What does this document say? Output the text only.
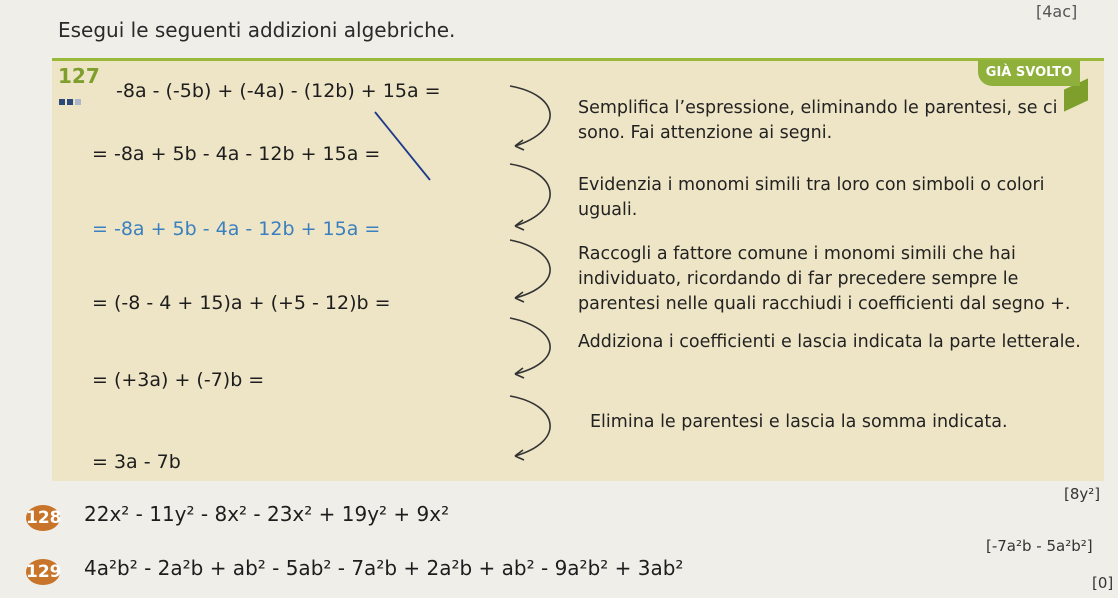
Esegui le seguenti addizioni algebriche.
[4ac]
GIÀ SVOLTO
127
-8a - (-5b) + (-4a) - (12b) + 15a =
= -8a + 5b - 4a - 12b + 15a =
= -8a + 5b - 4a - 12b + 15a =
= (-8 - 4 + 15)a + (+5 - 12)b =
= (+3a) + (-7)b =
= 3a - 7b
Semplifica l’espressione, eliminando le parentesi, se ci sono. Fai attenzione ai segni.
Evidenzia i monomi simili tra loro con simboli o colori uguali.
Raccogli a fattore comune i monomi simili che hai individuato, ricordando di far precedere sempre le parentesi nelle quali racchiudi i coefficienti dal segno +.
Addiziona i coefficienti e lascia indicata la parte letterale.
Elimina le parentesi e lascia la somma indicata.
128 22x² - 11y² - 8x² - 23x² + 19y² + 9x²
[8y²]
129 4a²b² - 2a²b + ab² - 5ab² - 7a²b + 2a²b + ab² - 9a²b² + 3ab²
[-7a²b - 5a²b²]
[0]
